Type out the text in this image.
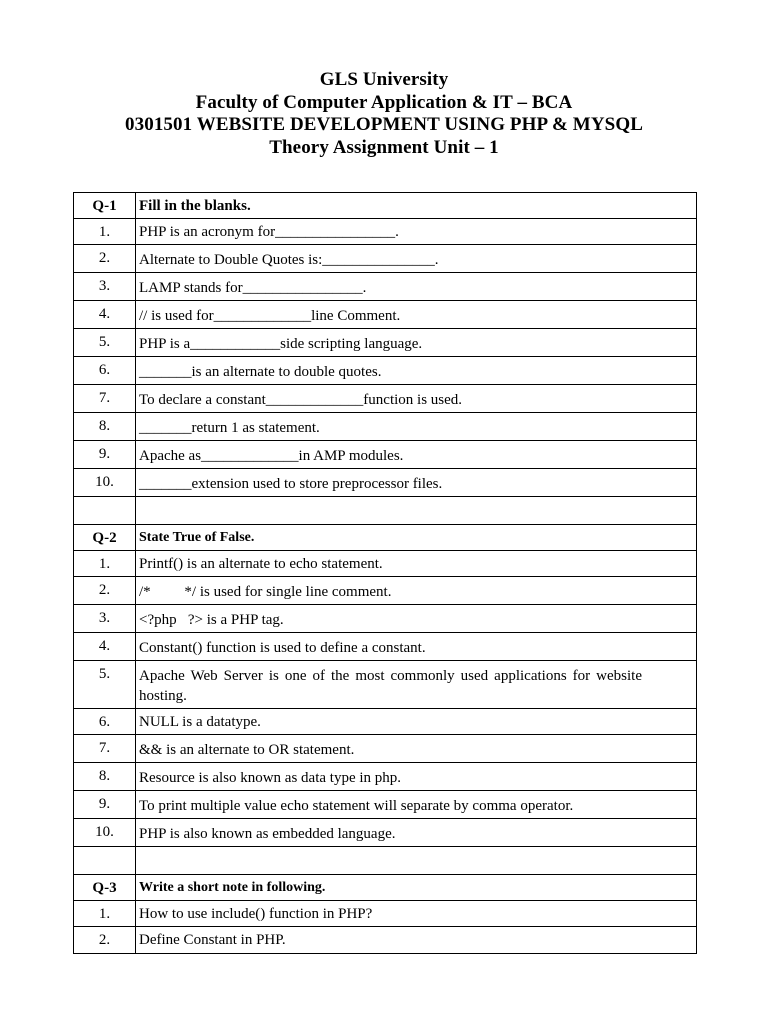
GLS University
Faculty of Computer Application & IT – BCA
0301501 WEBSITE DEVELOPMENT USING PHP & MYSQL
Theory Assignment Unit – 1
Q-1	Fill in the blanks.
1.	PHP is an acronym for________________.
2.	Alternate to Double Quotes is:_______________.
3.	LAMP stands for________________.
4.	// is used for_____________line Comment.
5.	PHP is a____________side scripting language.
6.	_______is an alternate to double quotes.
7.	To declare a constant_____________function is used.
8.	_______return 1 as statement.
9.	Apache as_____________in AMP modules.
10.	_______extension used to store preprocessor files.

Q-2	State True of False.
1.	Printf() is an alternate to echo statement.
2.	/*         */ is used for single line comment.
3.	<?php   ?> is a PHP tag.
4.	Constant() function is used to define a constant.
5.	Apache Web Server is one of the most commonly used applications for website hosting.
6.	NULL is a datatype.
7.	&& is an alternate to OR statement.
8.	Resource is also known as data type in php.
9.	To print multiple value echo statement will separate by comma operator.
10.	PHP is also known as embedded language.

Q-3	Write a short note in following.
1.	How to use include() function in PHP?
2.	Define Constant in PHP.
